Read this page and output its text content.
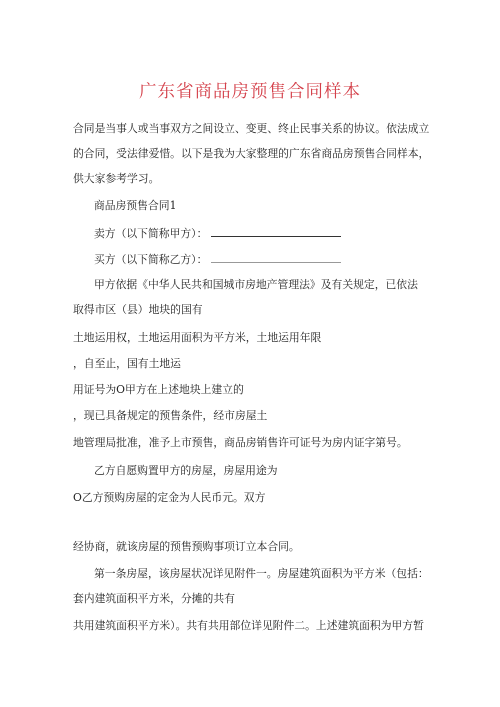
广东省商品房预售合同样本
合同是当事人或当事双方之间设立、变更、终止民事关系的协议。依法成立
的合同，受法律爱惜。以下是我为大家整理的广东省商品房预售合同样本，
供大家参考学习。
商品房预售合同1
卖方（以下简称甲方）：
买方（以下简称乙方）：
甲方依据《中华人民共和国城市房地产管理法》及有关规定，已依法
取得市区（县）地块的国有
土地运用权，土地运用面积为平方米，土地运用年限
，自至止，国有土地运
用证号为O甲方在上述地块上建立的
，现已具备规定的预售条件，经市房屋土
地管理局批准，准予上市预售，商品房销售许可证号为房内证字第号。
乙方自愿购置甲方的房屋，房屋用途为
O乙方预购房屋的定金为人民币元。双方
经协商，就该房屋的预售预购事项订立本合同。
第一条房屋，该房屋状况详见附件一。房屋建筑面积为平方米（包括：
套内建筑面积平方米，分摊的共有
共用建筑面积平方米）。共有共用部位详见附件二。上述建筑面积为甲方暂
